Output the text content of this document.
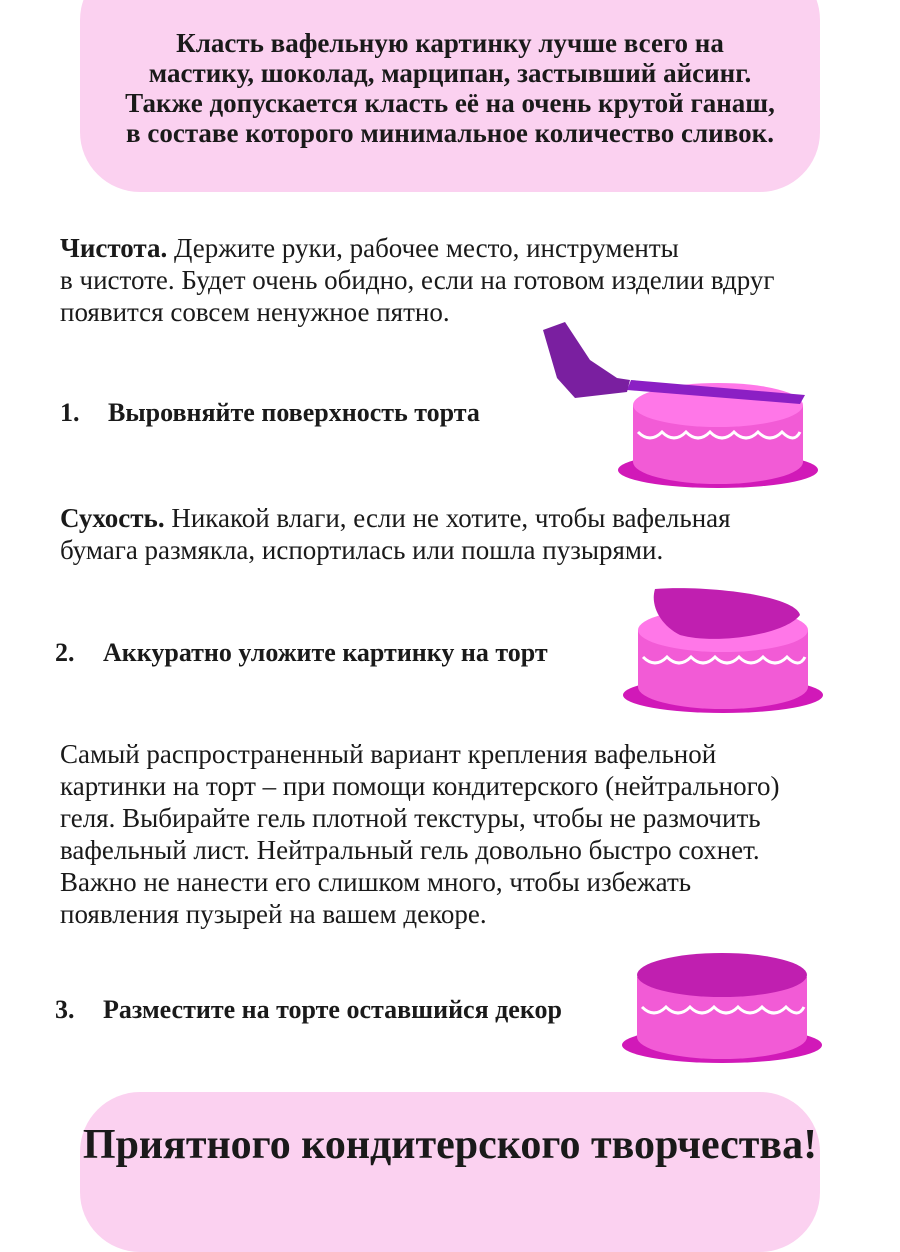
Класть вафельную картинку лучше всего на
мастику, шоколад, марципан, застывший айсинг.
Также допускается класть её на очень крутой ганаш,
в составе которого минимальное количество сливок.
Чистота. Держите руки, рабочее место, инструменты
в чистоте. Будет очень обидно, если на готовом изделии вдруг
появится совсем ненужное пятно.
1. Выровняйте поверхность торта
Сухость. Никакой влаги, если не хотите, чтобы вафельная
бумага размякла, испортилась или пошла пузырями.
2. Аккуратно уложите картинку на торт
Самый распространенный вариант крепления вафельной
картинки на торт – при помощи кондитерского (нейтрального)
геля. Выбирайте гель плотной текстуры, чтобы не размочить
вафельный лист. Нейтральный гель довольно быстро сохнет.
Важно не нанести его слишком много, чтобы избежать
появления пузырей на вашем декоре.
3. Разместите на торте оставшийся декор
Приятного кондитерского творчества!
